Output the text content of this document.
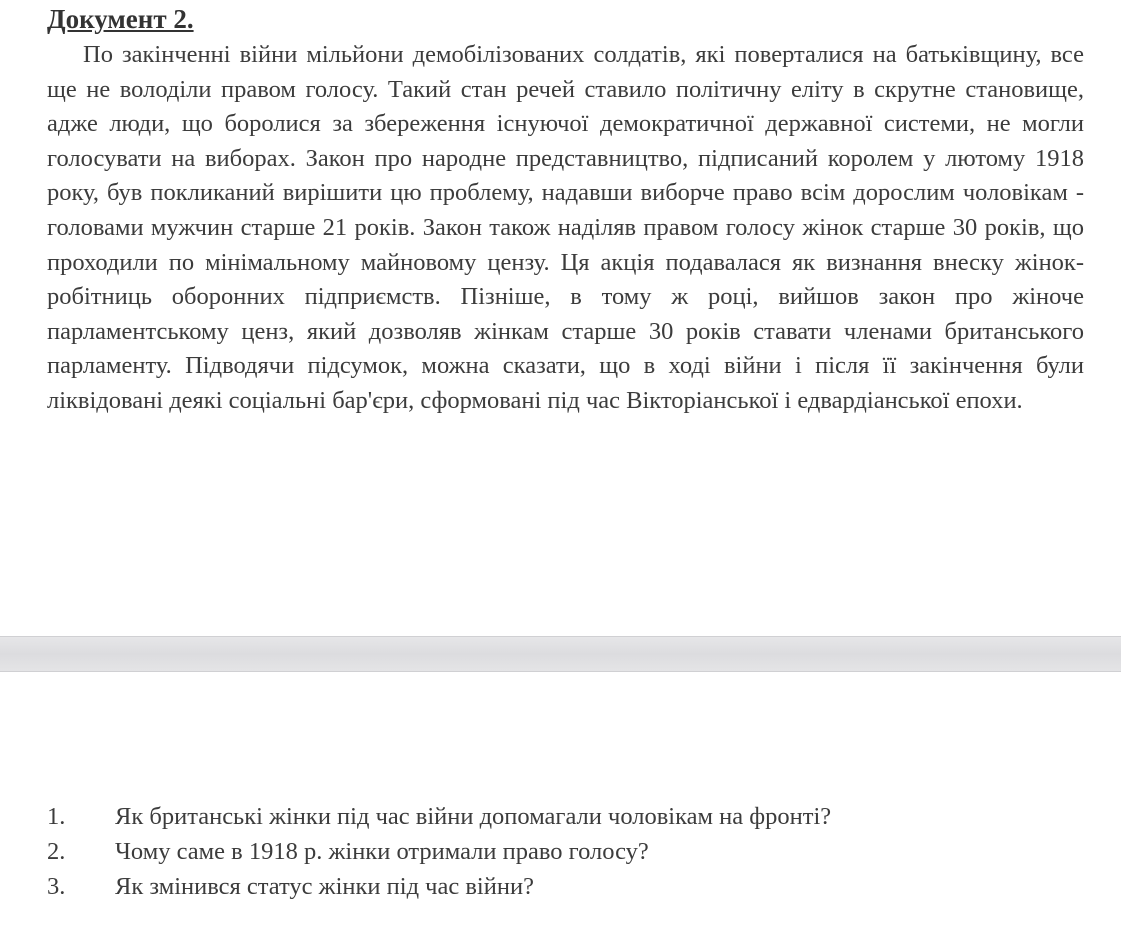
Документ 2.

По закінченні війни мільйони демобілізованих солдатів, які поверталися на батьківщину, все ще не володіли правом голосу. Такий стан речей ставило політичну еліту в скрутне становище, адже люди, що боролися за збереження існуючої демократичної державної системи, не могли голосувати на виборах. Закон про народне представництво, підписаний королем у лютому 1918 року, був покликаний вирішити цю проблему, надавши виборче право всім дорослим чоловікам - головами мужчин старше 21 років. Закон також наділяв правом голосу жінок старше 30 років, що проходили по мінімальному майновому цензу. Ця акція подавалася як визнання внеску жінок-робітниць оборонних підприємств. Пізніше, в тому ж році, вийшов закон про жіноче парламентському ценз, який дозволяв жінкам старше 30 років ставати членами британського парламенту. Підводячи підсумок, можна сказати, що в ході війни і після її закінчення були ліквідовані деякі соціальні бар'єри, сформовані під час Вікторіанської і едвардіанської епохи.

1.	Як британські жінки під час війни допомагали чоловікам на фронті?
2.	Чому саме в 1918 р. жінки отримали право голосу?
3.	Як змінився статус жінки під час війни?
